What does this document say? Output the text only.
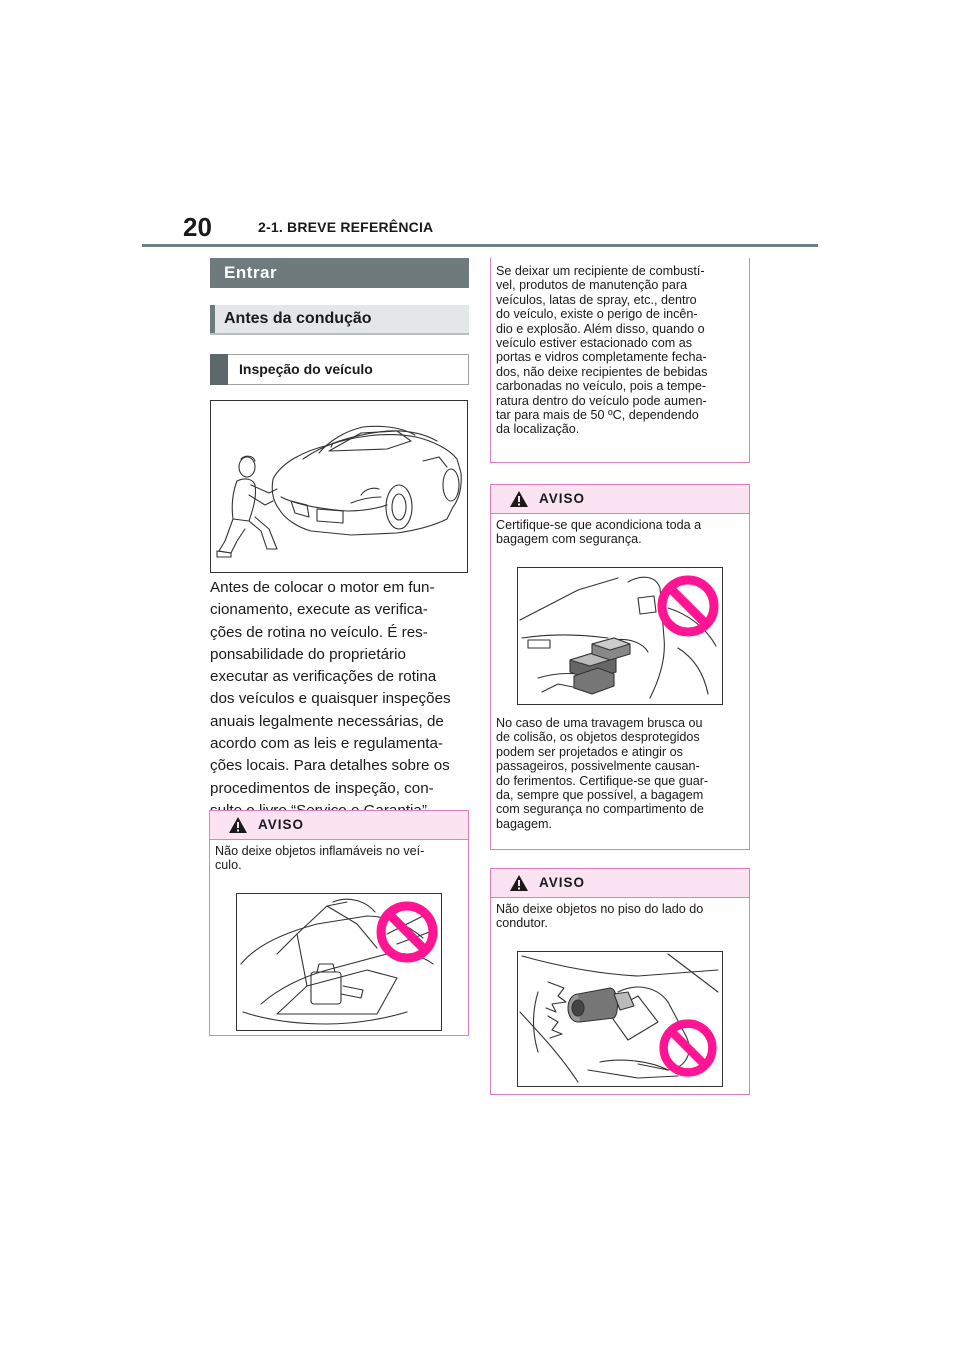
20	2-1. BREVE REFERÊNCIA
Entrar
Antes da condução
Inspeção do veículo
Antes de colocar o motor em fun-
cionamento, execute as verifica-
ções de rotina no veículo. É res-
ponsabilidade do proprietário
executar as verificações de rotina
dos veículos e quaisquer inspeções
anuais legalmente necessárias, de
acordo com as leis e regulamenta-
ções locais. Para detalhes sobre os
procedimentos de inspeção, con-
AVISO
Não deixe objetos inflamáveis no veí-
culo.
Se deixar um recipiente de combustí-
vel, produtos de manutenção para
veículos, latas de spray, etc., dentro
do veículo, existe o perigo de incên-
dio e explosão. Além disso, quando o
veículo estiver estacionado com as
portas e vidros completamente fecha-
dos, não deixe recipientes de bebidas
carbonadas no veículo, pois a tempe-
ratura dentro do veículo pode aumen-
tar para mais de 50 ºC, dependendo
da localização.
AVISO
Certifique-se que acondiciona toda a
bagagem com segurança.
No caso de uma travagem brusca ou
de colisão, os objetos desprotegidos
podem ser projetados e atingir os
passageiros, possivelmente causan-
do ferimentos. Certifique-se que guar-
da, sempre que possível, a bagagem
com segurança no compartimento de
bagagem.
AVISO
Não deixe objetos no piso do lado do
condutor.
